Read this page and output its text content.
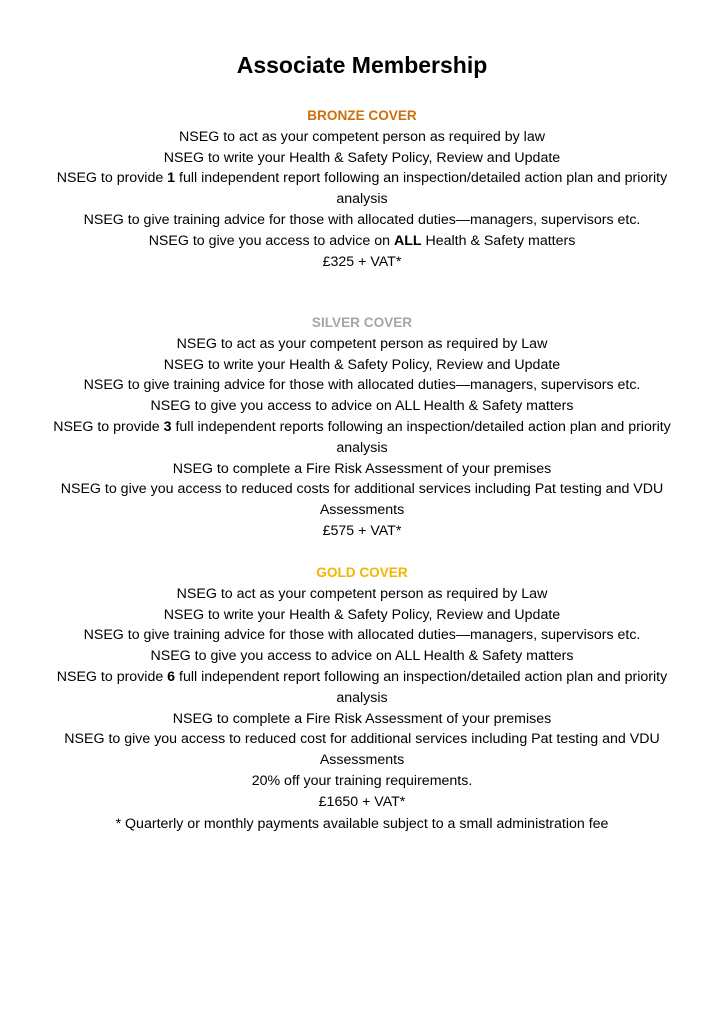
Associate Membership
BRONZE COVER

NSEG to act as your competent person as required by law

NSEG to write your Health & Safety Policy, Review and Update

NSEG to provide 1 full independent report following an inspection/detailed action plan and priority analysis

NSEG to give training advice for those with allocated duties—managers, supervisors etc.

NSEG to give you access to advice on ALL Health & Safety matters

£325 + VAT*

SILVER COVER

NSEG to act as your competent person as required by Law

NSEG to write your Health & Safety Policy, Review and Update

NSEG to give training advice for those with allocated duties—managers, supervisors etc.

NSEG to give you access to advice on ALL Health & Safety matters

NSEG to provide 3 full independent reports following an inspection/detailed action plan and priority analysis

NSEG to complete a Fire Risk Assessment of your premises

NSEG to give you access to reduced costs for additional services including Pat testing and VDU Assessments

£575 + VAT*

GOLD COVER

NSEG to act as your competent person as required by Law

NSEG to write your Health & Safety Policy, Review and Update

NSEG to give training advice for those with allocated duties—managers, supervisors etc.

NSEG to give you access to advice on ALL Health & Safety matters

NSEG to provide 6 full independent report following an inspection/detailed action plan and priority analysis

NSEG to complete a Fire Risk Assessment of your premises

NSEG to give you access to reduced cost for additional services including Pat testing and VDU Assessments

20% off your training requirements.

£1650 + VAT*

* Quarterly or monthly payments available subject to a small administration fee
